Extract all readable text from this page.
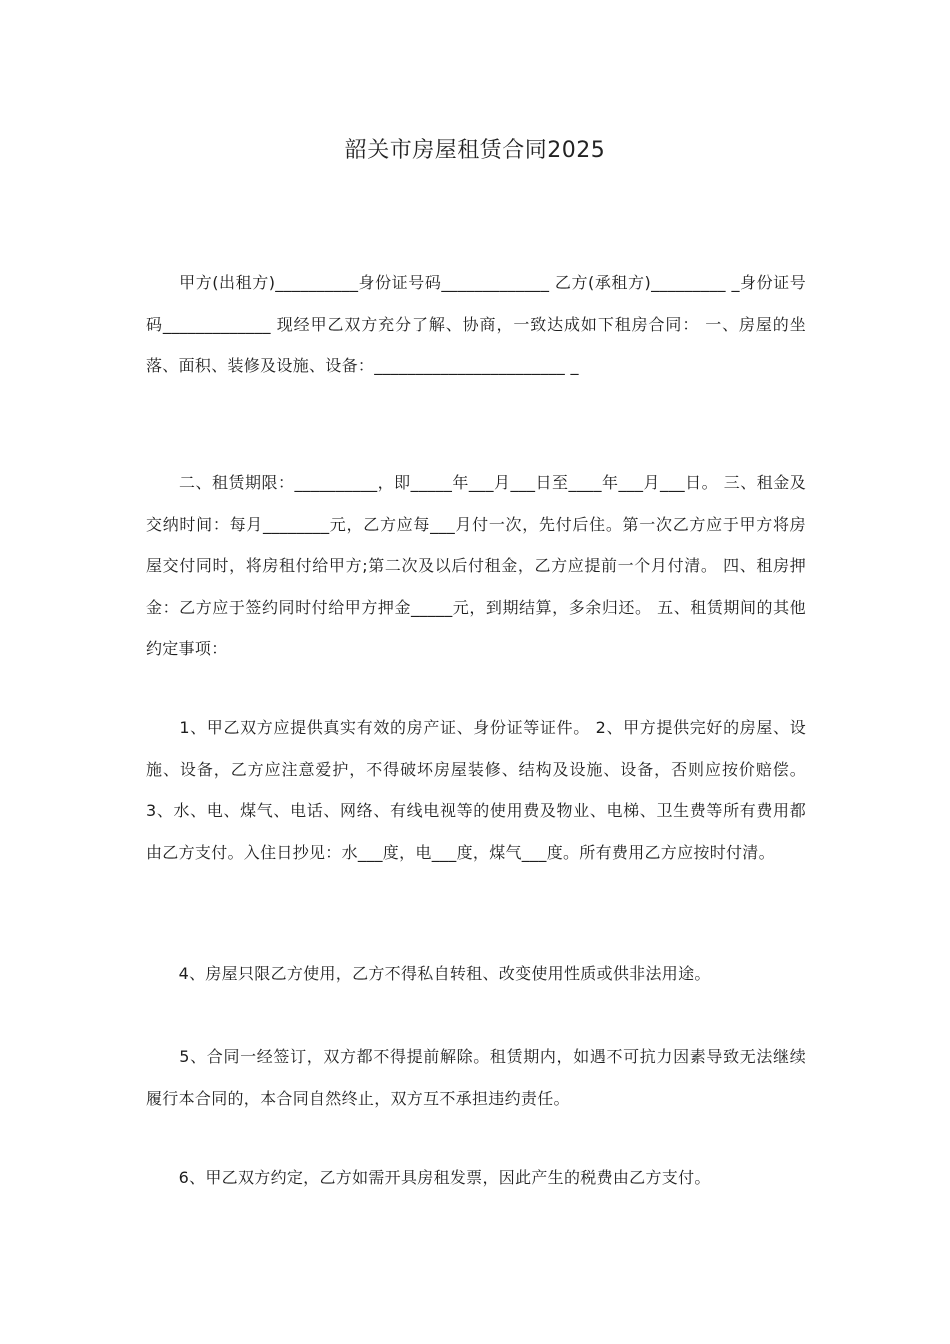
韶关市房屋租赁合同2025
　　甲方(出租方)__________身份证号码_____________ 乙方(承租方)_________ _身份证号码_____________ 现经甲乙双方充分了解、协商，一致达成如下租房合同： 一、房屋的坐落、面积、装修及设施、设备：_______________________ _
　　二、租赁期限：__________，即_____年___月___日至____年___月___日。 三、租金及交纳时间：每月________元，乙方应每___月付一次，先付后住。第一次乙方应于甲方将房屋交付同时，将房租付给甲方;第二次及以后付租金，乙方应提前一个月付清。 四、租房押金：乙方应于签约同时付给甲方押金_____元，到期结算，多余归还。 五、租赁期间的其他约定事项：
　　1、甲乙双方应提供真实有效的房产证、身份证等证件。 2、甲方提供完好的房屋、设施、设备，乙方应注意爱护，不得破坏房屋装修、结构及设施、设备，否则应按价赔偿。 3、水、电、煤气、电话、网络、有线电视等的使用费及物业、电梯、卫生费等所有费用都由乙方支付。入住日抄见：水___度，电___度，煤气___度。所有费用乙方应按时付清。
　　4、房屋只限乙方使用，乙方不得私自转租、改变使用性质或供非法用途。
　　5、合同一经签订，双方都不得提前解除。租赁期内，如遇不可抗力因素导致无法继续履行本合同的，本合同自然终止，双方互不承担违约责任。
　　6、甲乙双方约定，乙方如需开具房租发票，因此产生的税费由乙方支付。
